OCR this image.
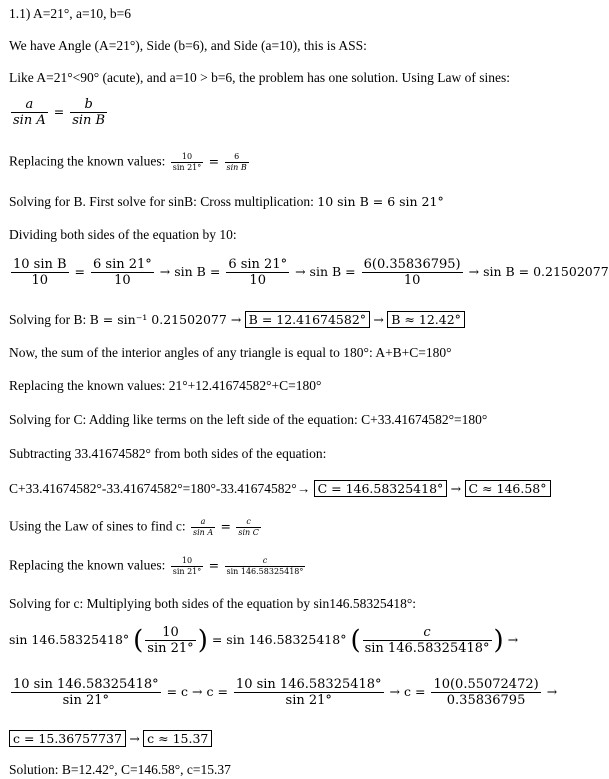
1.1) A=21°, a=10, b=6
We have Angle (A=21°), Side (b=6), and Side (a=10), this is ASS:
Like A=21°<90° (acute), and a=10 > b=6, the problem has one solution. Using Law of sines:
$\frac{a}{\text{sin A}} = \frac{b}{\text{sin B}}$
Replacing the known values: $\frac{10}{\sin 21^\circ} = \frac{6}{\text{sin B}}$
Solving for B. First solve for sinB: Cross multiplication: 10 sin B = 6 sin 21°
Dividing both sides of the equation by 10:
$\frac{\text{10 sin B}}{10} = \frac{6 \sin 21^\circ}{10} \to \sin B = \frac{6 \sin 21^\circ}{10} \to \sin B = \frac{6(0.35836795)}{10} \to \sin B = 0.21502077$
Solving for B: B = sin⁻¹ 0.21502077 → B = 12.41674582° → B ≈ 12.42°
Now, the sum of the interior angles of any triangle is equal to 180°: A+B+C=180°
Replacing the known values: 21°+12.41674582°+C=180°
Solving for C: Adding like terms on the left side of the equation: C+33.41674582°=180°
Subtracting 33.41674582° from both sides of the equation:
C+33.41674582°-33.41674582°=180°-33.41674582°→ C = 146.58325418° → C ≈ 146.58°
Using the Law of sines to find c: $\frac{a}{\text{sin A}} = \frac{c}{\text{sin C}}$
Replacing the known values: $\frac{10}{\sin 21^\circ} = \frac{c}{\sin 146.58325418^\circ}$
Solving for c: Multiplying both sides of the equation by sin146.58325418°:
sin 146.58325418° ( $\frac{10}{\sin 21^\circ}$ ) = sin 146.58325418° ( $\frac{c}{\sin 146.58325418^\circ}$ ) →
$\frac{10 \sin 146.58325418^\circ}{\sin 21^\circ} = c \to c = \frac{10 \sin 146.58325418^\circ}{\sin 21^\circ} \to c = \frac{10(0.55072472)}{0.35836795}$ →
c = 15.36757737 → c ≈ 15.37
Solution: B=12.42°, C=146.58°, c=15.37
